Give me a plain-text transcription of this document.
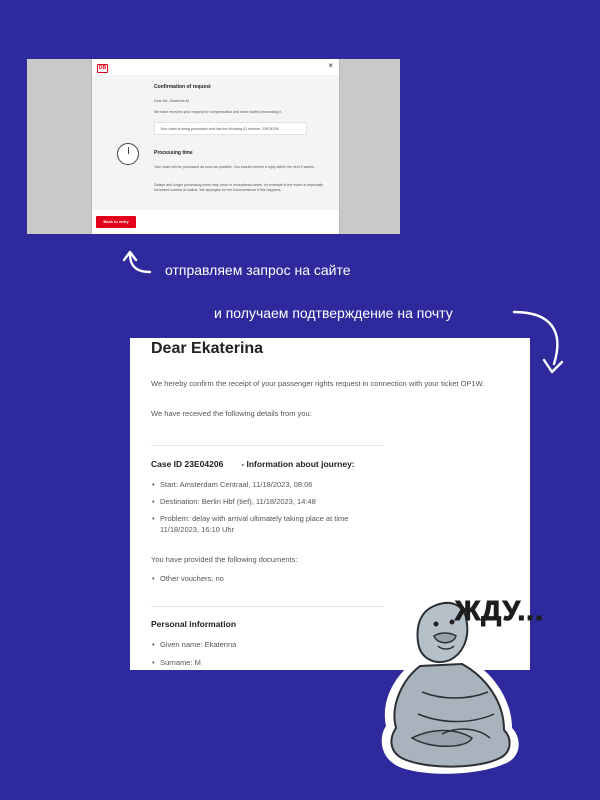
DB	×
Confirmation of request
Dear Ms. Ekaterina M.
We have received your request for compensation and have started processing it.
Your claim is being processed and has the following ID number: 23E04206.
Processing time
Your claim will be processed as soon as possible. You should receive a reply within the next 2 weeks.
Delays and longer processing times may occur in exceptional cases, for example in the event of especially increased volume of claims. We apologise for the inconvenience if this happens.
Back to entry
отправляем запрос на сайте
и получаем подтверждение на почту
Dear Ekaterina
We hereby confirm the receipt of your passenger rights request in connection with your ticket OP1W.
We have received the following details from you:
Case ID 23E04206 - Information about journey:
• Start: Amsterdam Centraal, 11/18/2023, 08:06
• Destination: Berlin Hbf (tief), 11/18/2023, 14:48
• Problem: delay with arrival ultimately taking place at time 11/18/2023, 16:10 Uhr
You have provided the following documents:
• Other vouchers: no
Personal information
• Given name: Ekaterina
• Surname: M
ЖДУ...
